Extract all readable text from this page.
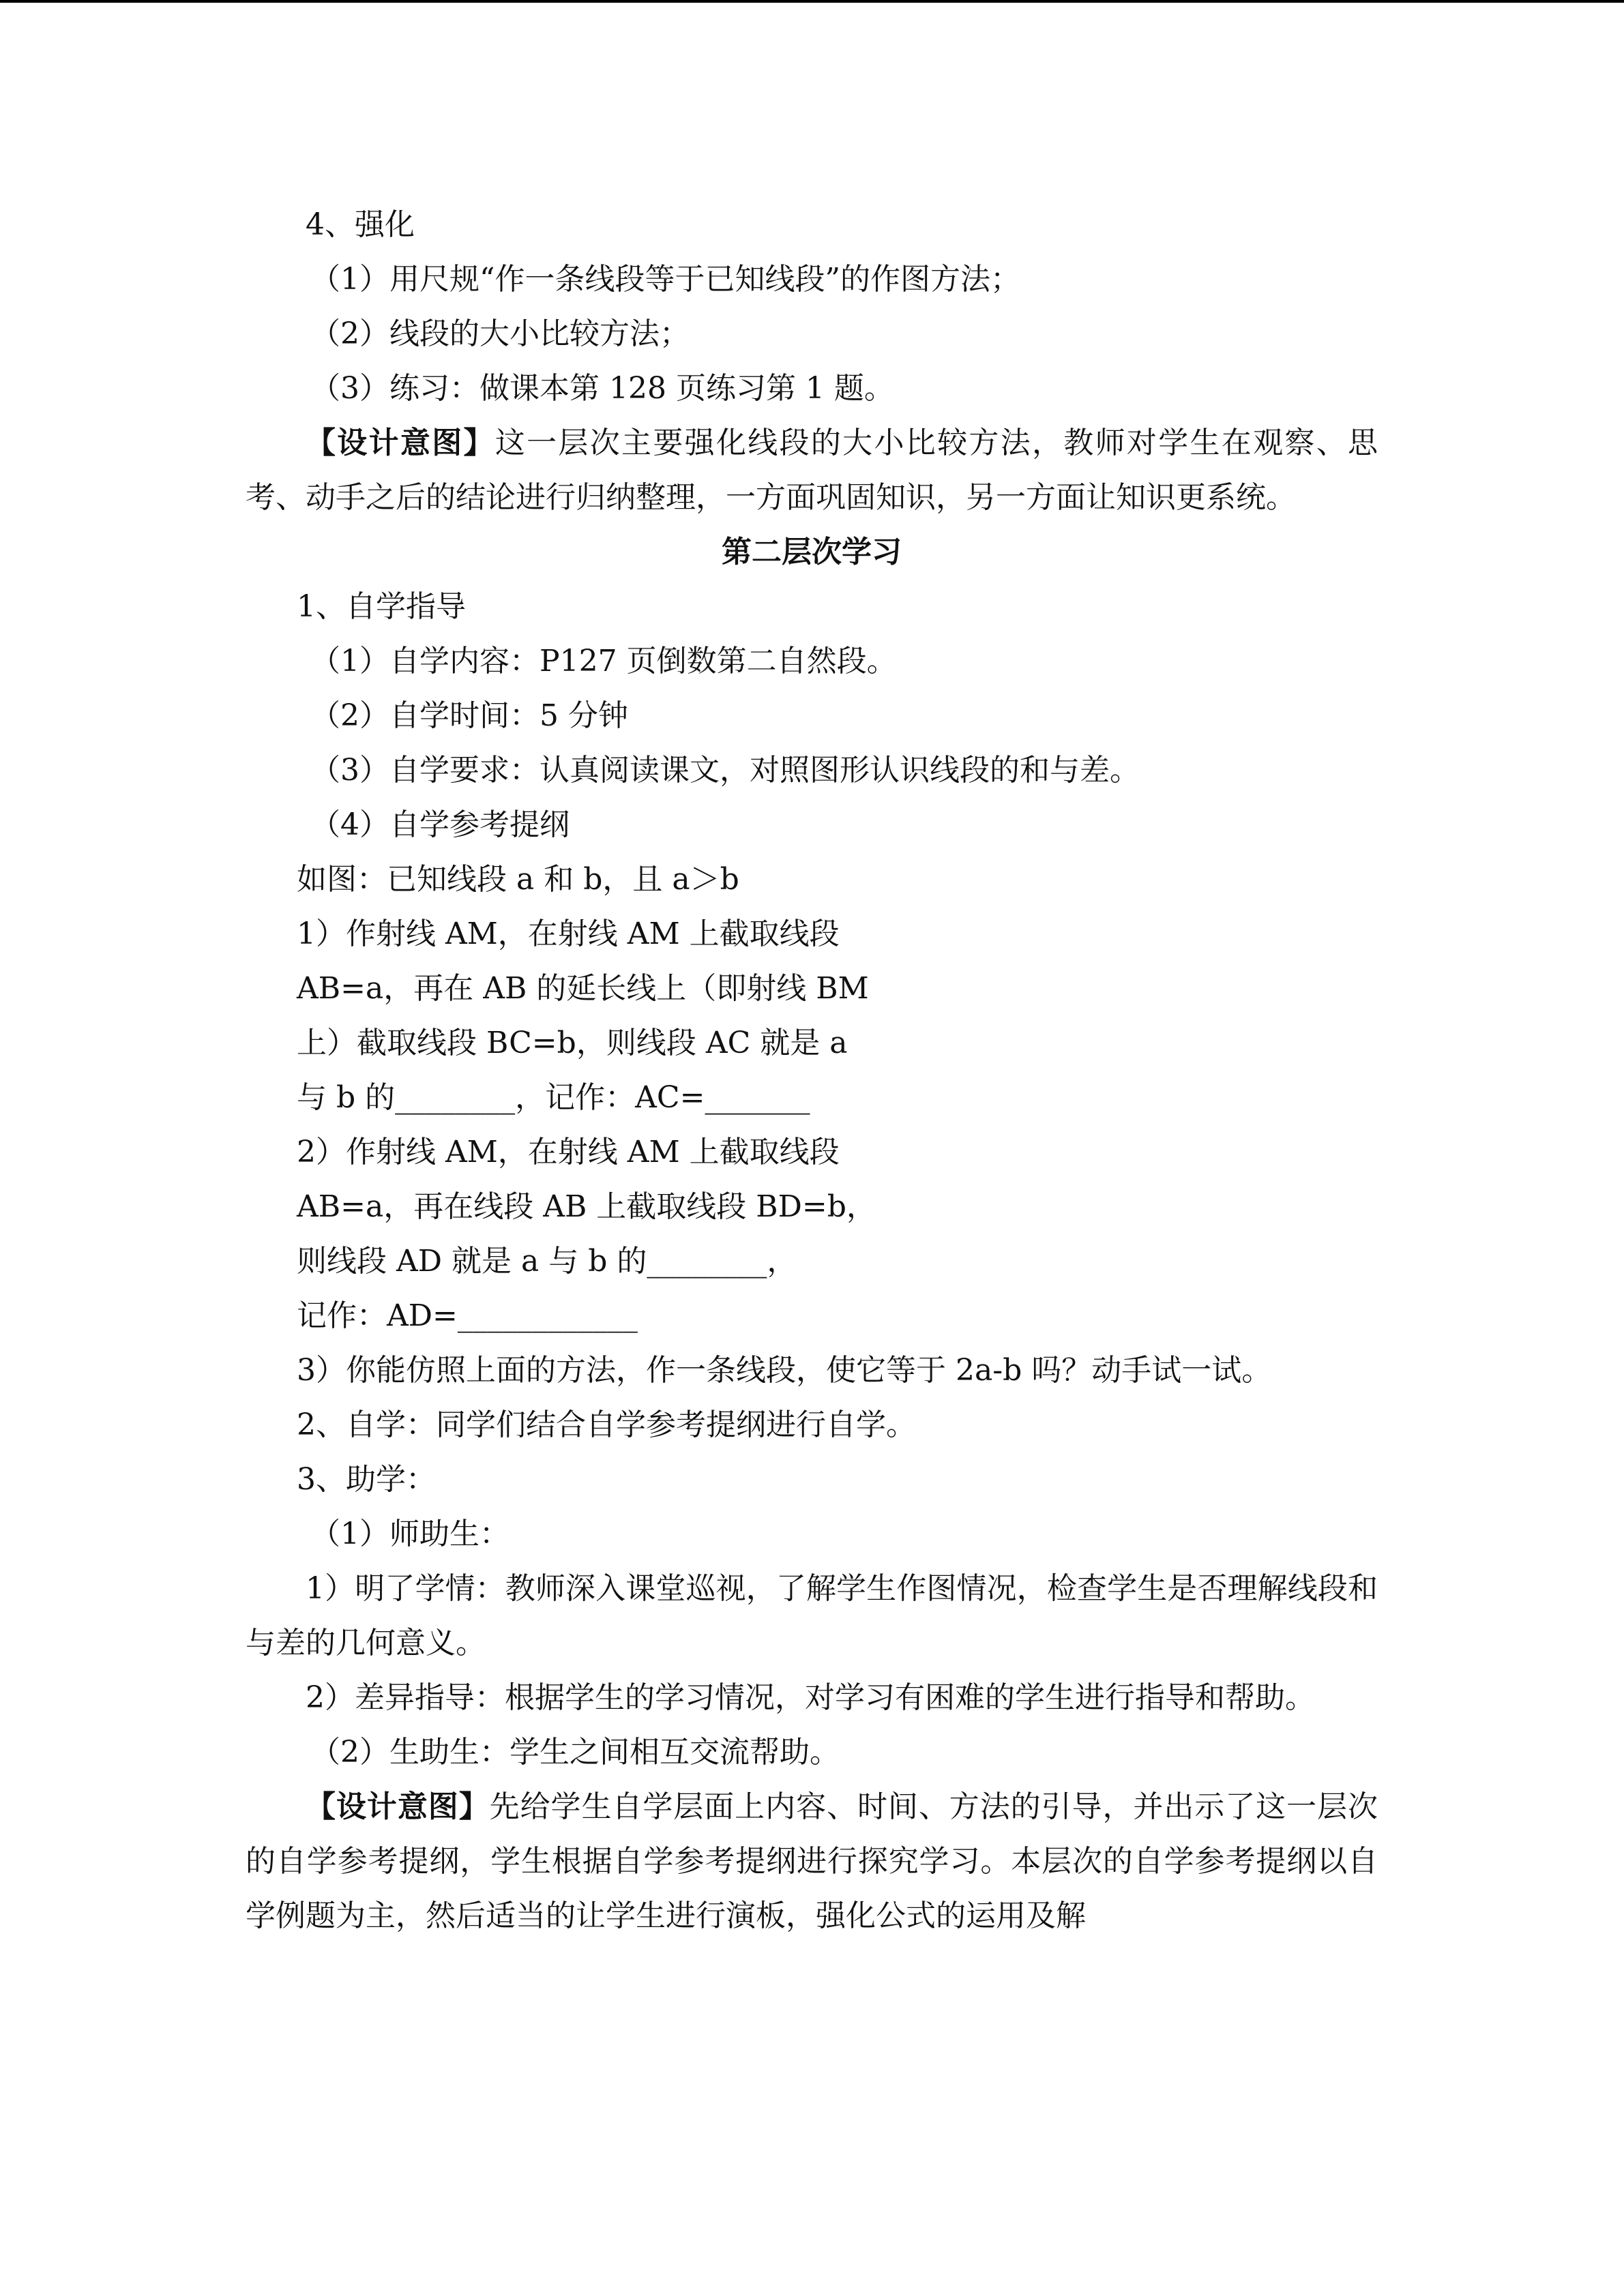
4、强化
（1）用尺规“作一条线段等于已知线段”的作图方法；
（2）线段的大小比较方法；
（3）练习：做课本第 128 页练习第 1 题。
【设计意图】这一层次主要强化线段的大小比较方法，教师对学生在观察、思考、动手之后的结论进行归纳整理，一方面巩固知识，另一方面让知识更系统。
第二层次学习
1、自学指导
（1）自学内容：P127 页倒数第二自然段。
（2）自学时间：5 分钟
（3）自学要求：认真阅读课文，对照图形认识线段的和与差。
（4）自学参考提纲
如图：已知线段 a 和 b，且 a＞b
1）作射线 AM，在射线 AM 上截取线段
AB=a，再在 AB 的延长线上（即射线 BM
上）截取线段 BC=b，则线段 AC 就是 a
与 b 的________，记作：AC=_______
2）作射线 AM，在射线 AM 上截取线段
AB=a，再在线段 AB 上截取线段 BD=b，
则线段 AD 就是 a 与 b 的________，
记作：AD=____________
3）你能仿照上面的方法，作一条线段，使它等于 2a-b 吗？动手试一试。
2、自学：同学们结合自学参考提纲进行自学。
3、助学：
（1）师助生：
1）明了学情：教师深入课堂巡视，了解学生作图情况，检查学生是否理解线段和与差的几何意义。
2）差异指导：根据学生的学习情况，对学习有困难的学生进行指导和帮助。
（2）生助生：学生之间相互交流帮助。
【设计意图】先给学生自学层面上内容、时间、方法的引导，并出示了这一层次的自学参考提纲，学生根据自学参考提纲进行探究学习。本层次的自学参考提纲以自学例题为主，然后适当的让学生进行演板，强化公式的运用及解
